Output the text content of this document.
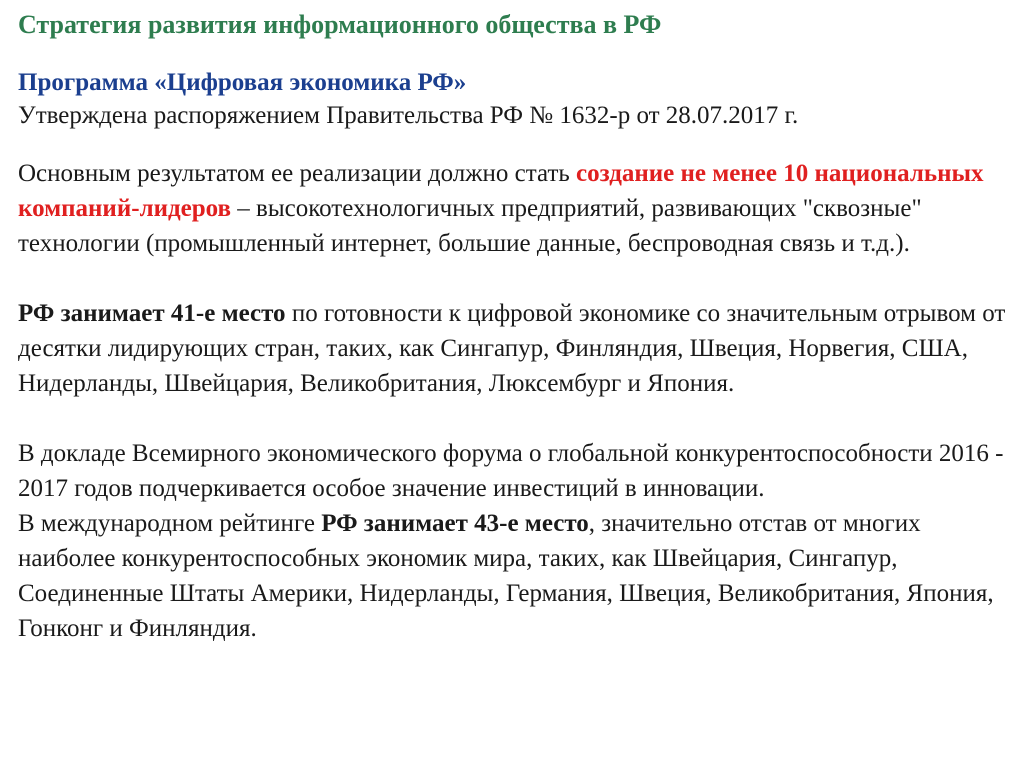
Стратегия развития информационного общества в РФ
Программа «Цифровая экономика РФ»
Утверждена распоряжением Правительства РФ № 1632-р от 28.07.2017 г.

Основным результатом ее реализации должно стать создание не менее 10 национальных компаний-лидеров – высокотехнологичных предприятий, развивающих "сквозные" технологии (промышленный интернет, большие данные, беспроводная связь и т.д.).

РФ занимает 41-е место по готовности к цифровой экономике со значительным отрывом от десятки лидирующих стран, таких, как Сингапур, Финляндия, Швеция, Норвегия, США, Нидерланды, Швейцария, Великобритания, Люксембург и Япония.

В докладе Всемирного экономического форума о глобальной конкурентоспособности 2016 - 2017 годов подчеркивается особое значение инвестиций в инновации.

В международном рейтинге РФ занимает 43-е место, значительно отстав от многих наиболее конкурентоспособных экономик мира, таких, как Швейцария, Сингапур, Соединенные Штаты Америки, Нидерланды, Германия, Швеция, Великобритания, Япония, Гонконг и Финляндия.
